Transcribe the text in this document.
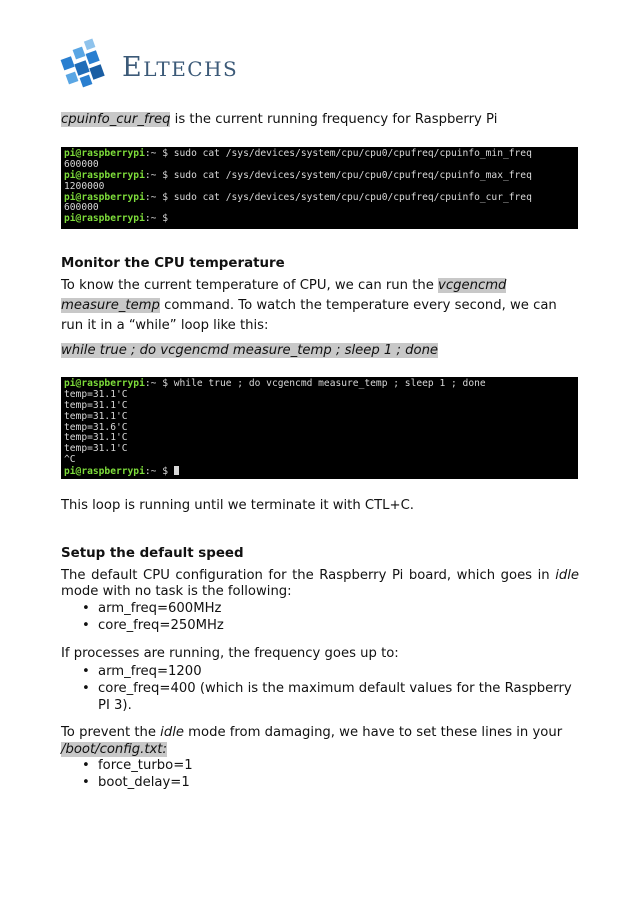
ELTECHS
cpuinfo_cur_freq is the current running frequency for Raspberry Pi
pi@raspberrypi:~ $ sudo cat /sys/devices/system/cpu/cpu0/cpufreq/cpuinfo_min_freq
600000
pi@raspberrypi:~ $ sudo cat /sys/devices/system/cpu/cpu0/cpufreq/cpuinfo_max_freq
1200000
pi@raspberrypi:~ $ sudo cat /sys/devices/system/cpu/cpu0/cpufreq/cpuinfo_cur_freq
600000
pi@raspberrypi:~ $
Monitor the CPU temperature
To know the current temperature of CPU, we can run the vcgencmd measure_temp command. To watch the temperature every second, we can run it in a “while” loop like this:
while true ; do vcgencmd measure_temp ; sleep 1 ; done
pi@raspberrypi:~ $ while true ; do vcgencmd measure_temp ; sleep 1 ; done
temp=31.1'C
temp=31.1'C
temp=31.1'C
temp=31.6'C
temp=31.1'C
temp=31.1'C
^C
pi@raspberrypi:~ $
This loop is running until we terminate it with CTL+C.
Setup the default speed
The default CPU configuration for the Raspberry Pi board, which goes in idle mode with no task is the following:
• arm_freq=600MHz
• core_freq=250MHz
If processes are running, the frequency goes up to:
• arm_freq=1200
• core_freq=400 (which is the maximum default values for the Raspberry PI 3).
To prevent the idle mode from damaging, we have to set these lines in your /boot/config.txt:
• force_turbo=1
• boot_delay=1
